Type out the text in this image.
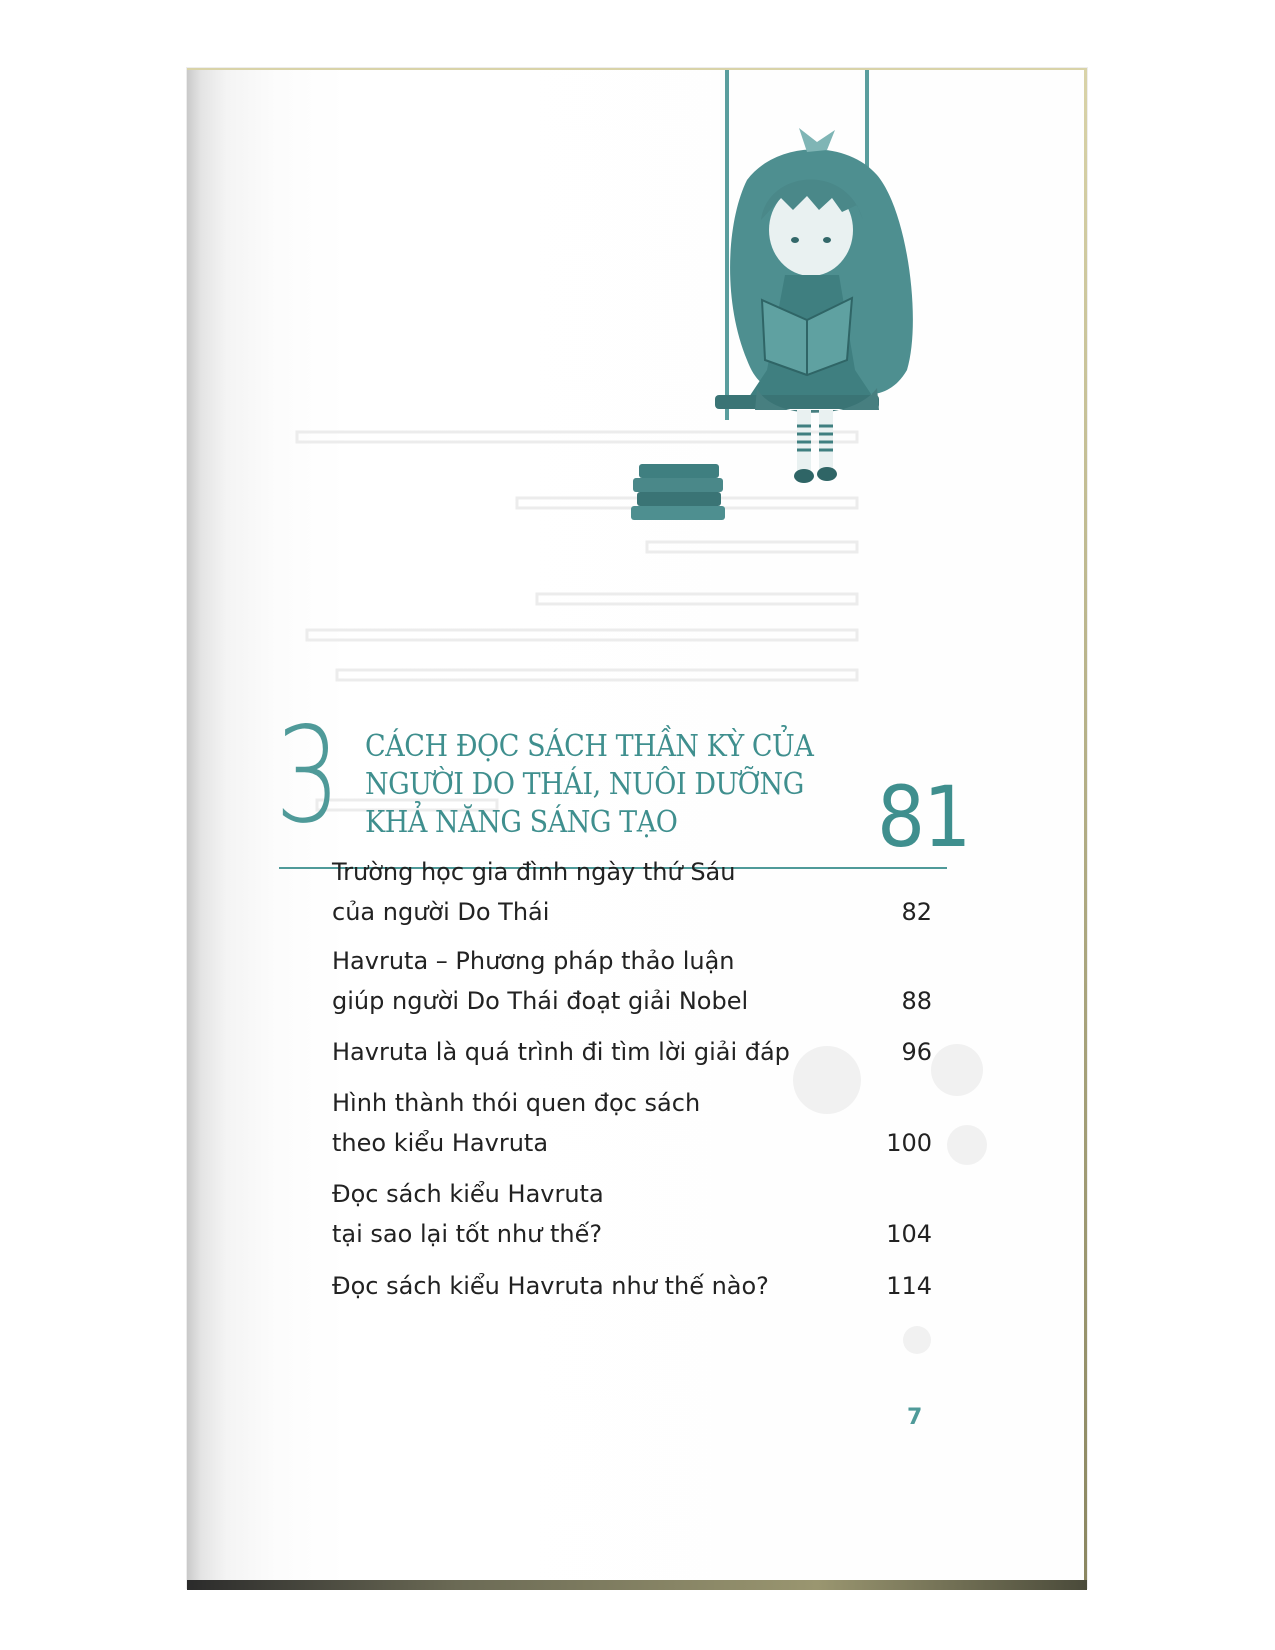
3 CÁCH ĐỌC SÁCH THẦN KỲ CỦA
NGƯỜI DO THÁI, NUÔI DƯỠNG
KHẢ NĂNG SÁNG TẠO	81
Trường học gia đình ngày thứ Sáu
của người Do Thái	82
Havruta – Phương pháp thảo luận
giúp người Do Thái đoạt giải Nobel	88
Havruta là quá trình đi tìm lời giải đáp	96
Hình thành thói quen đọc sách
theo kiểu Havruta	100
Đọc sách kiểu Havruta
tại sao lại tốt như thế?	104
Đọc sách kiểu Havruta như thế nào?	114
7
